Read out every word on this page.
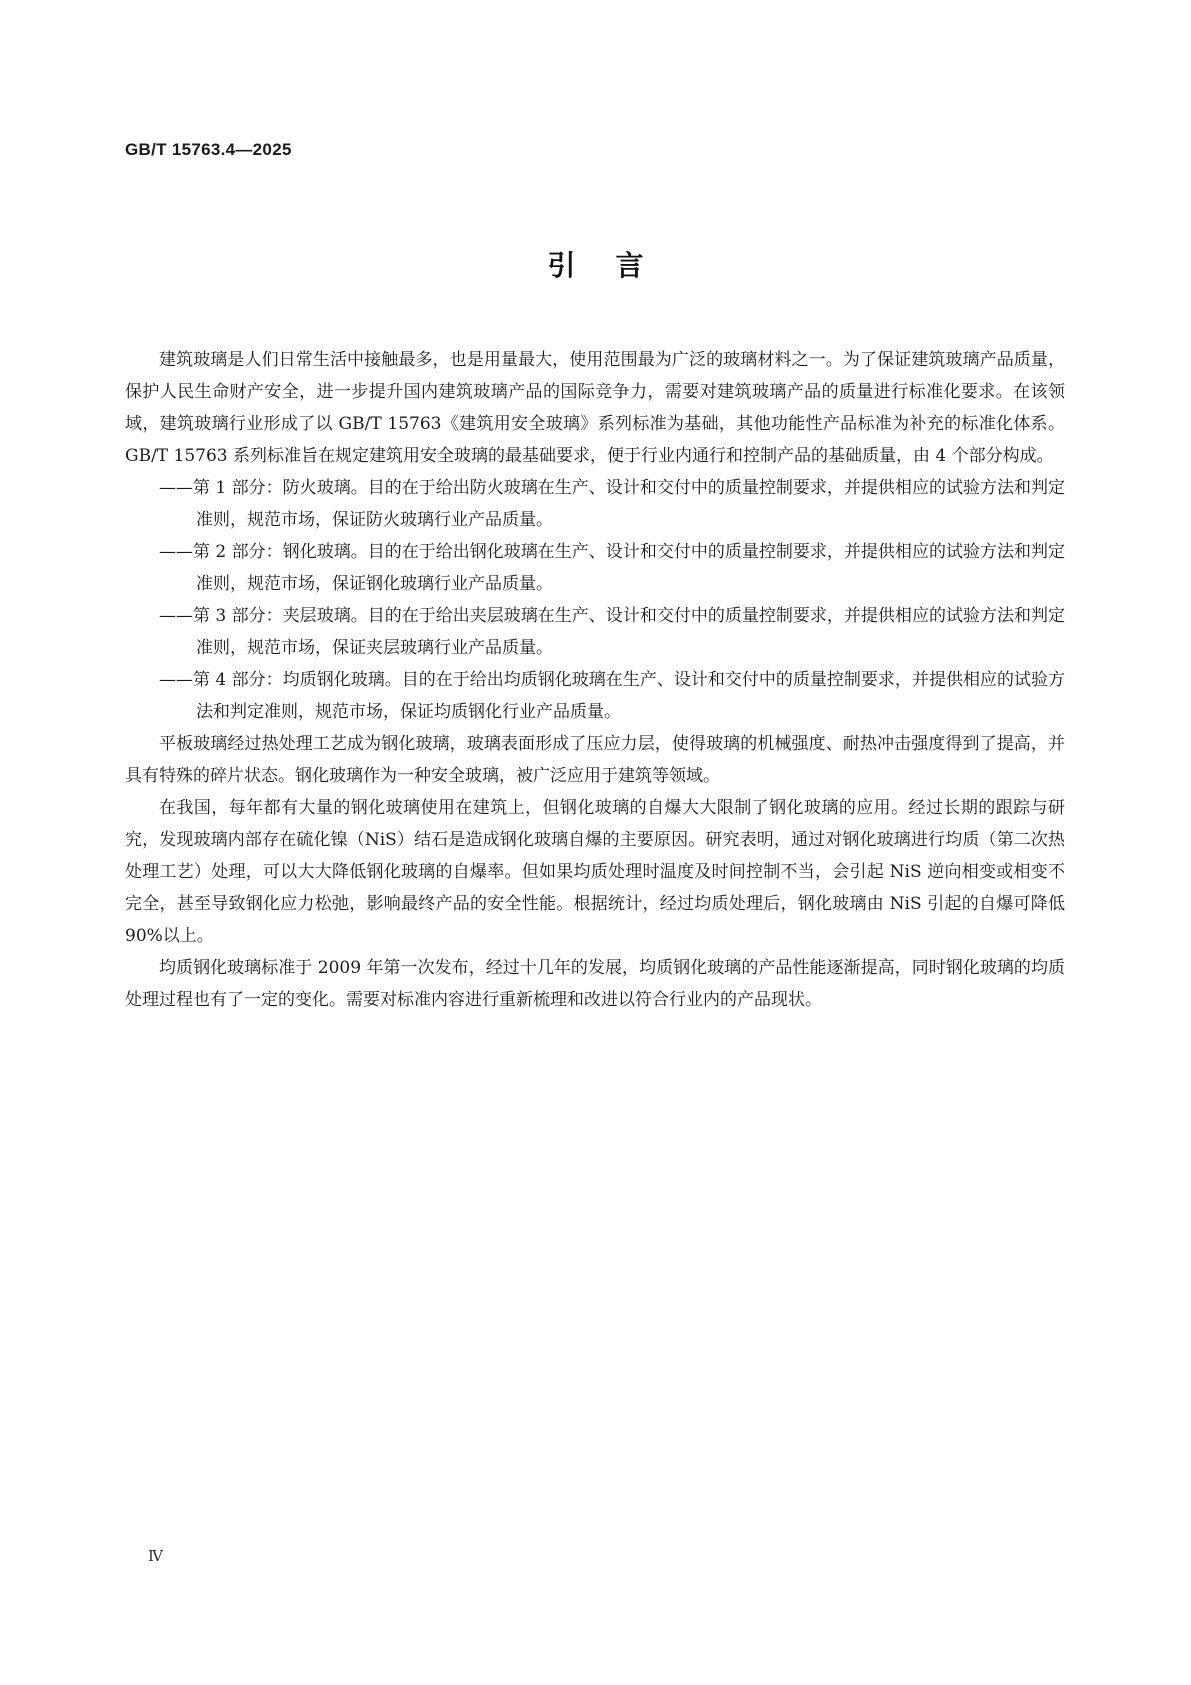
GB/T 15763.4—2025
引言

建筑玻璃是人们日常生活中接触最多，也是用量最大，使用范围最为广泛的玻璃材料之一。为了保证建筑玻璃产品质量，保护人民生命财产安全，进一步提升国内建筑玻璃产品的国际竞争力，需要对建筑玻璃产品的质量进行标准化要求。在该领域，建筑玻璃行业形成了以 GB/T 15763《建筑用安全玻璃》系列标准为基础，其他功能性产品标准为补充的标准化体系。GB/T 15763 系列标准旨在规定建筑用安全玻璃的最基础要求，便于行业内通行和控制产品的基础质量，由 4 个部分构成。

——第 1 部分：防火玻璃。目的在于给出防火玻璃在生产、设计和交付中的质量控制要求，并提供相应的试验方法和判定准则，规范市场，保证防火玻璃行业产品质量。

——第 2 部分：钢化玻璃。目的在于给出钢化玻璃在生产、设计和交付中的质量控制要求，并提供相应的试验方法和判定准则，规范市场，保证钢化玻璃行业产品质量。

——第 3 部分：夹层玻璃。目的在于给出夹层玻璃在生产、设计和交付中的质量控制要求，并提供相应的试验方法和判定准则，规范市场，保证夹层玻璃行业产品质量。

——第 4 部分：均质钢化玻璃。目的在于给出均质钢化玻璃在生产、设计和交付中的质量控制要求，并提供相应的试验方法和判定准则，规范市场，保证均质钢化行业产品质量。

平板玻璃经过热处理工艺成为钢化玻璃，玻璃表面形成了压应力层，使得玻璃的机械强度、耐热冲击强度得到了提高，并具有特殊的碎片状态。钢化玻璃作为一种安全玻璃，被广泛应用于建筑等领域。

在我国，每年都有大量的钢化玻璃使用在建筑上，但钢化玻璃的自爆大大限制了钢化玻璃的应用。经过长期的跟踪与研究，发现玻璃内部存在硫化镍（NiS）结石是造成钢化玻璃自爆的主要原因。研究表明，通过对钢化玻璃进行均质（第二次热处理工艺）处理，可以大大降低钢化玻璃的自爆率。但如果均质处理时温度及时间控制不当，会引起 NiS 逆向相变或相变不完全，甚至导致钢化应力松弛，影响最终产品的安全性能。根据统计，经过均质处理后，钢化玻璃由 NiS 引起的自爆可降低 90%以上。

均质钢化玻璃标准于 2009 年第一次发布，经过十几年的发展，均质钢化玻璃的产品性能逐渐提高，同时钢化玻璃的均质处理过程也有了一定的变化。需要对标准内容进行重新梳理和改进以符合行业内的产品现状。

Ⅳ
